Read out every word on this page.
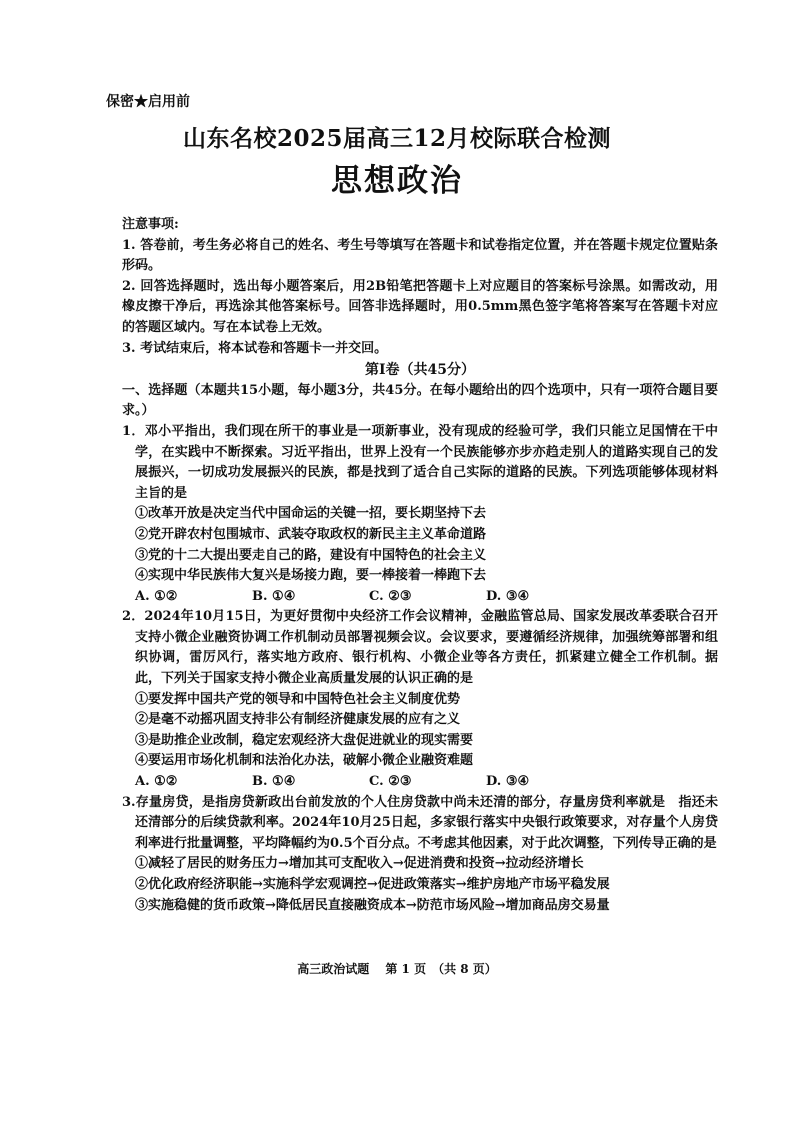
保密★启用前
山东名校2025届高三12月校际联合检测
思想政治

注意事项:

1. 答卷前，考生务必将自己的姓名、考生号等填写在答题卡和试卷指定位置，并在答题卡规定位置贴条形码。

2. 回答选择题时，选出每小题答案后，用2B铅笔把答题卡上对应题目的答案标号涂黑。如需改动，用橡皮擦干净后，再选涂其他答案标号。回答非选择题时，用0.5mm黑色签字笔将答案写在答题卡对应的答题区域内。写在本试卷上无效。

3. 考试结束后，将本试卷和答题卡一并交回。

第Ⅰ卷（共45分）

一、选择题（本题共15小题，每小题3分，共45分。在每小题给出的四个选项中，只有一项符合题目要求。）

1．邓小平指出，我们现在所干的事业是一项新事业，没有现成的经验可学，我们只能立足国情在干中学，在实践中不断探索。习近平指出，世界上没有一个民族能够亦步亦趋走别人的道路实现自己的发展振兴，一切成功发展振兴的民族，都是找到了适合自己实际的道路的民族。下列选项能够体现材料主旨的是

①改革开放是决定当代中国命运的关键一招，要长期坚持下去

②党开辟农村包围城市、武装夺取政权的新民主主义革命道路

③党的十二大提出要走自己的路，建设有中国特色的社会主义

④实现中华民族伟大复兴是场接力跑，要一棒接着一棒跑下去

A. ①②	B. ①④	C. ②③	D. ③④

2．2024年10月15日，为更好贯彻中央经济工作会议精神，金融监管总局、国家发展改革委联合召开支持小微企业融资协调工作机制动员部署视频会议。会议要求，要遵循经济规律，加强统筹部署和组织协调，雷厉风行，落实地方政府、银行机构、小微企业等各方责任，抓紧建立健全工作机制。据此，下列关于国家支持小微企业高质量发展的认识正确的是

①要发挥中国共产党的领导和中国特色社会主义制度优势

②是毫不动摇巩固支持非公有制经济健康发展的应有之义

③是助推企业改制，稳定宏观经济大盘促进就业的现实需要

④要运用市场化机制和法治化办法，破解小微企业融资难题

A. ①②	B. ①④	C. ②③	D. ③④

3.存量房贷，是指房贷新政出台前发放的个人住房贷款中尚未还清的部分，存量房贷利率就是　指还未还清部分的后续贷款利率。2024年10月25日起，多家银行落实中央银行政策要求，对存量个人房贷利率进行批量调整，平均降幅约为0.5个百分点。不考虑其他因素，对于此次调整，下列传导正确的是

①减轻了居民的财务压力→增加其可支配收入→促进消费和投资→拉动经济增长

②优化政府经济职能→实施科学宏观调控→促进政策落实→维护房地产市场平稳发展

③实施稳健的货币政策→降低居民直接融资成本→防范市场风险→增加商品房交易量

高三政治试题　 第 1 页　（共 8 页）
